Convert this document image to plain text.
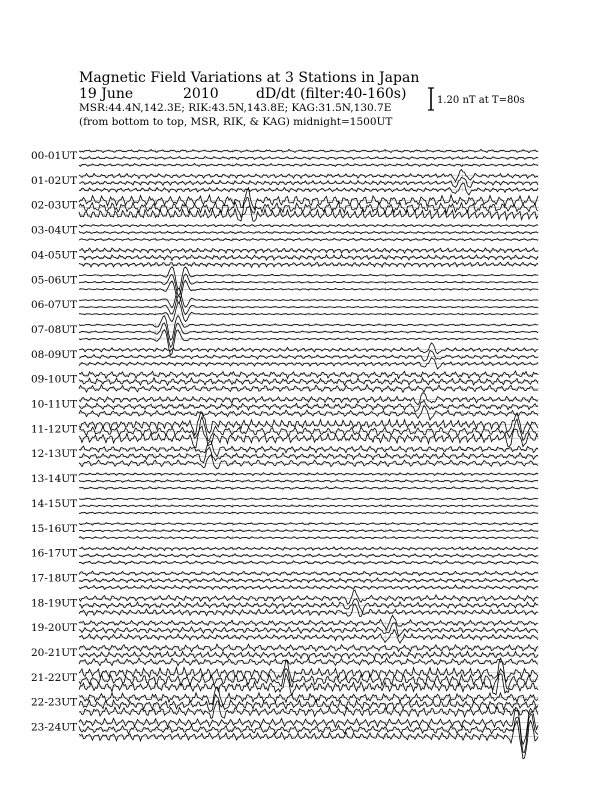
Magnetic Field Variations at 3 Stations in Japan
19 June	2010	dD/dt (filter:40-160s)
MSR:44.4N,142.3E; RIK:43.5N,143.8E; KAG:31.5N,130.7E
(from bottom to top, MSR, RIK, & KAG) midnight=1500UT
1.20 nT at T=80s
00-01UT
01-02UT
02-03UT
03-04UT
04-05UT
05-06UT
06-07UT
07-08UT
08-09UT
09-10UT
10-11UT
11-12UT
12-13UT
13-14UT
14-15UT
15-16UT
16-17UT
17-18UT
18-19UT
19-20UT
20-21UT
21-22UT
22-23UT
23-24UT
